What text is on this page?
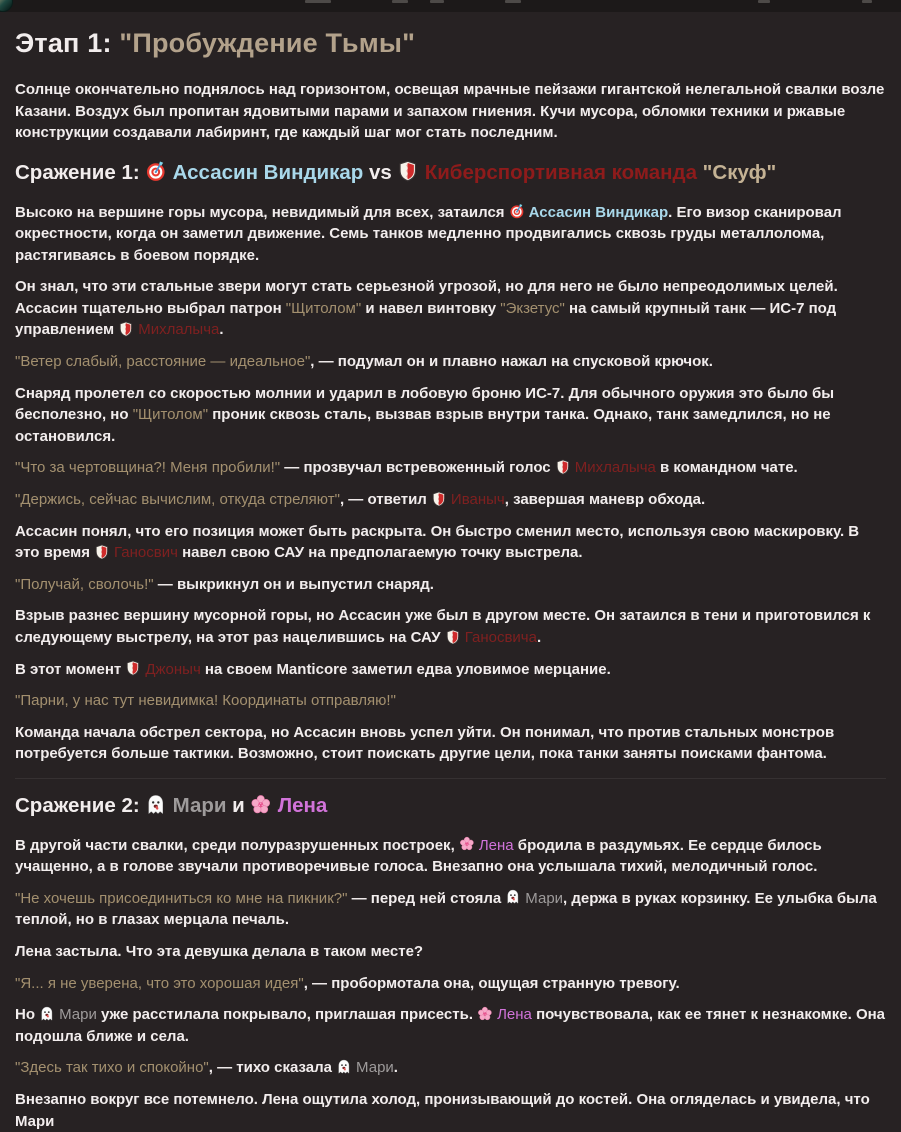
Этап 1: "Пробуждение Тьмы"

Солнце окончательно поднялось над горизонтом, освещая мрачные пейзажи гигантской нелегальной свалки возле Казани. Воздух был пропитан ядовитыми парами и запахом гниения. Кучи мусора, обломки техники и ржавые конструкции создавали лабиринт, где каждый шаг мог стать последним.

Сражение 1:  Ассасин Виндикар vs  Киберспортивная команда "Скуф"

Высоко на вершине горы мусора, невидимый для всех, затаился  Ассасин Виндикар. Его визор сканировал окрестности, когда он заметил движение. Семь танков медленно продвигались сквозь груды металлолома, растягиваясь в боевом порядке.

Он знал, что эти стальные звери могут стать серьезной угрозой, но для него не было непреодолимых целей. Ассасин тщательно выбрал патрон "Щитолом" и навел винтовку "Экзетус" на самый крупный танк — ИС-7 под управлением  Михлалыча.

"Ветер слабый, расстояние — идеальное", — подумал он и плавно нажал на спусковой крючок.

Снаряд пролетел со скоростью молнии и ударил в лобовую броню ИС-7. Для обычного оружия это было бы бесполезно, но "Щитолом" проник сквозь сталь, вызвав взрыв внутри танка. Однако, танк замедлился, но не остановился.

"Что за чертовщина?! Меня пробили!" — прозвучал встревоженный голос  Михлалыча в командном чате.

"Держись, сейчас вычислим, откуда стреляют", — ответил  Иваныч, завершая маневр обхода.

Ассасин понял, что его позиция может быть раскрыта. Он быстро сменил место, используя свою маскировку. В это время  Ганосвич навел свою САУ на предполагаемую точку выстрела.

"Получай, сволочь!" — выкрикнул он и выпустил снаряд.

Взрыв разнес вершину мусорной горы, но Ассасин уже был в другом месте. Он затаился в тени и приготовился к следующему выстрелу, на этот раз нацелившись на САУ  Ганосвича.

В этот момент  Джоныч на своем Manticore заметил едва уловимое мерцание.

"Парни, у нас тут невидимка! Координаты отправляю!"

Команда начала обстрел сектора, но Ассасин вновь успел уйти. Он понимал, что против стальных монстров потребуется больше тактики. Возможно, стоит поискать другие цели, пока танки заняты поисками фантома.

Сражение 2:  Мари и  Лена

В другой части свалки, среди полуразрушенных построек,  Лена бродила в раздумьях. Ее сердце билось учащенно, а в голове звучали противоречивые голоса. Внезапно она услышала тихий, мелодичный голос.

"Не хочешь присоединиться ко мне на пикник?" — перед ней стояла  Мари, держа в руках корзинку. Ее улыбка была теплой, но в глазах мерцала печаль.

Лена застыла. Что эта девушка делала в таком месте?

"Я... я не уверена, что это хорошая идея", — пробормотала она, ощущая странную тревогу.

Но  Мари уже расстилала покрывало, приглашая присесть.  Лена почувствовала, как ее тянет к незнакомке. Она подошла ближе и села.

"Здесь так тихо и спокойно", — тихо сказала  Мари.

Внезапно вокруг все потемнело. Лена ощутила холод, пронизывающий до костей. Она огляделась и увидела, что Мари
